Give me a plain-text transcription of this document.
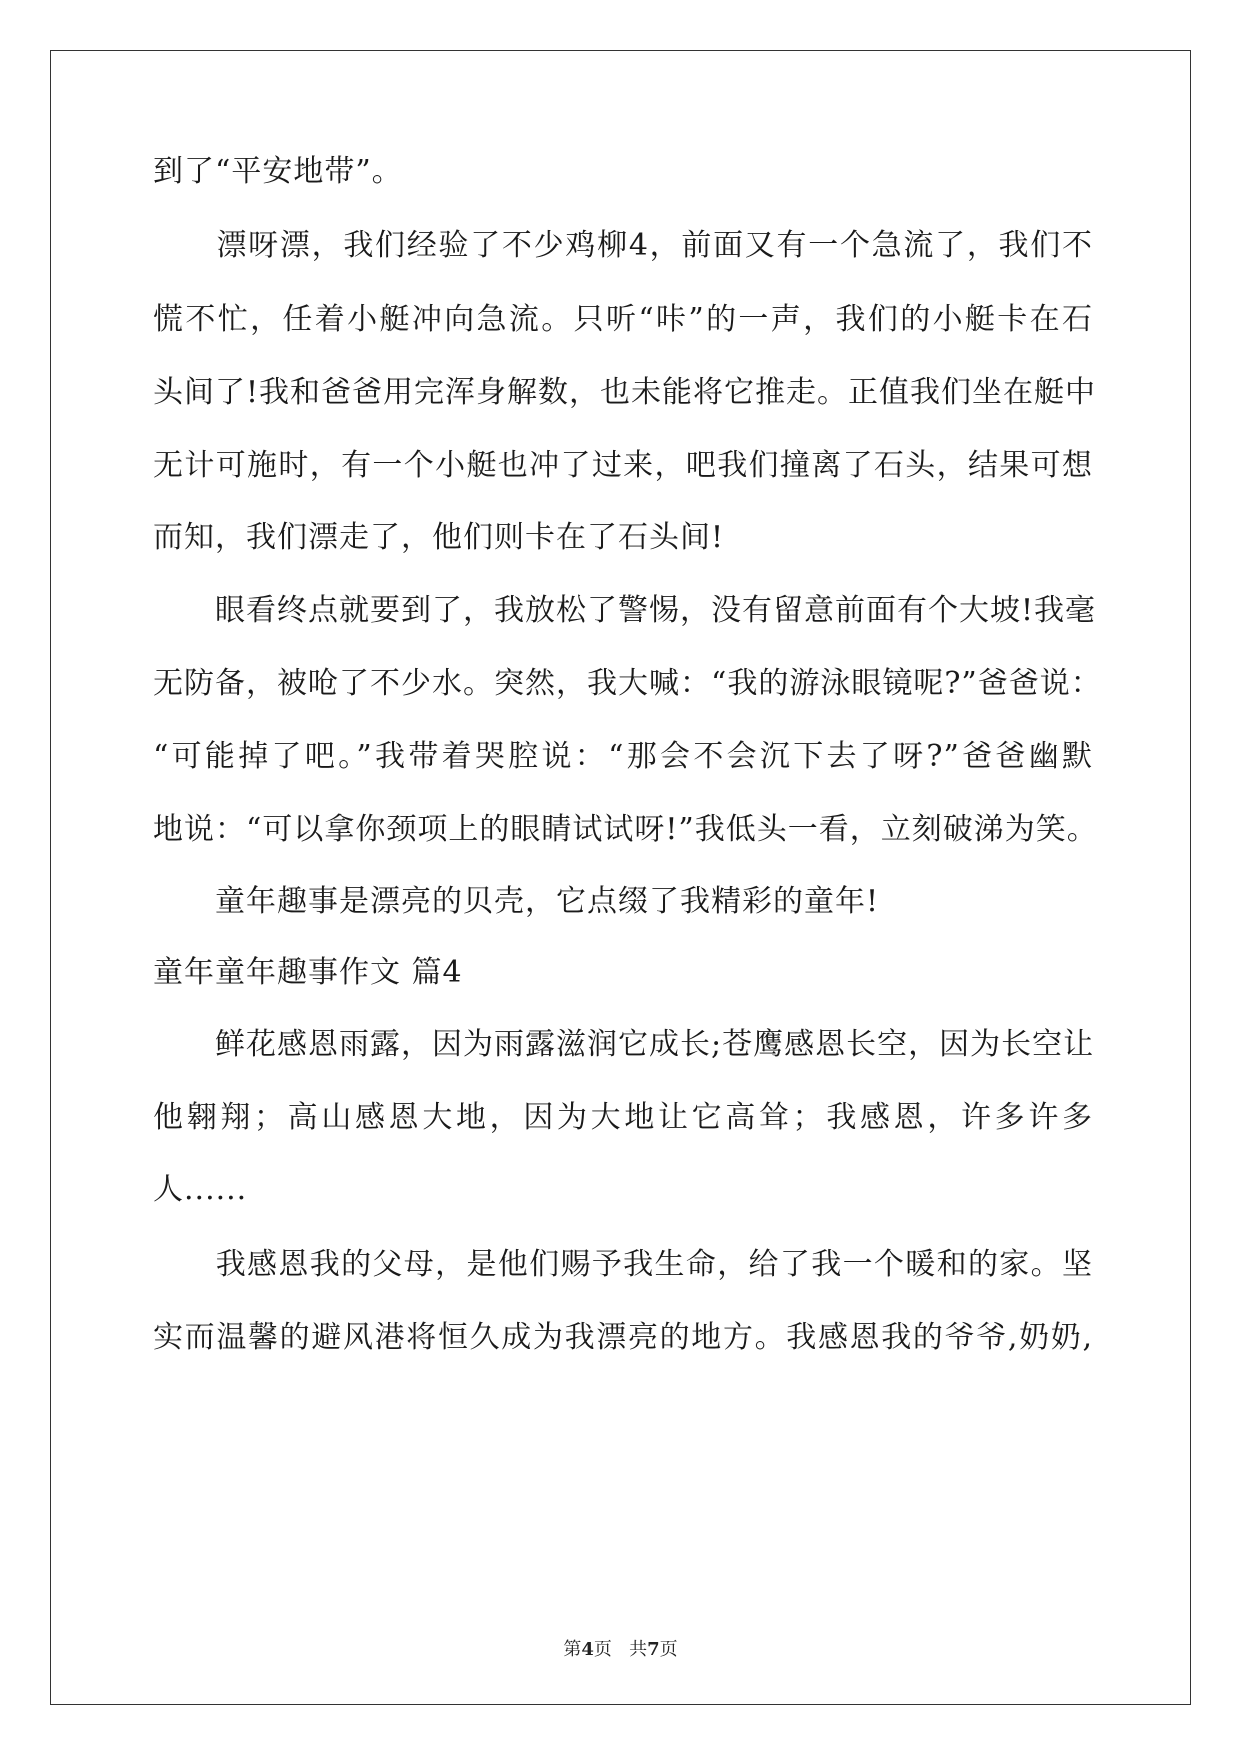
到了“平安地带”。
　　漂呀漂，我们经验了不少鸡柳4，前面又有一个急流了，我们不
慌不忙，任着小艇冲向急流。只听“咔”的一声，我们的小艇卡在石
头间了!我和爸爸用完浑身解数，也未能将它推走。正值我们坐在艇中
无计可施时，有一个小艇也冲了过来，吧我们撞离了石头，结果可想
而知，我们漂走了，他们则卡在了石头间!
　　眼看终点就要到了，我放松了警惕，没有留意前面有个大坡!我毫
无防备，被呛了不少水。突然，我大喊：“我的游泳眼镜呢?”爸爸说：
“可能掉了吧。”我带着哭腔说：“那会不会沉下去了呀?”爸爸幽默
地说：“可以拿你颈项上的眼睛试试呀!”我低头一看，立刻破涕为笑。
　　童年趣事是漂亮的贝壳，它点缀了我精彩的童年!
童年童年趣事作文 篇4
　　鲜花感恩雨露，因为雨露滋润它成长;苍鹰感恩长空，因为长空让
他翱翔；高山感恩大地，因为大地让它高耸；我感恩，许多许多
人......
　　我感恩我的父母，是他们赐予我生命，给了我一个暖和的家。坚
实而温馨的避风港将恒久成为我漂亮的地方。我感恩我的爷爷,奶奶,
第4页 共7页
